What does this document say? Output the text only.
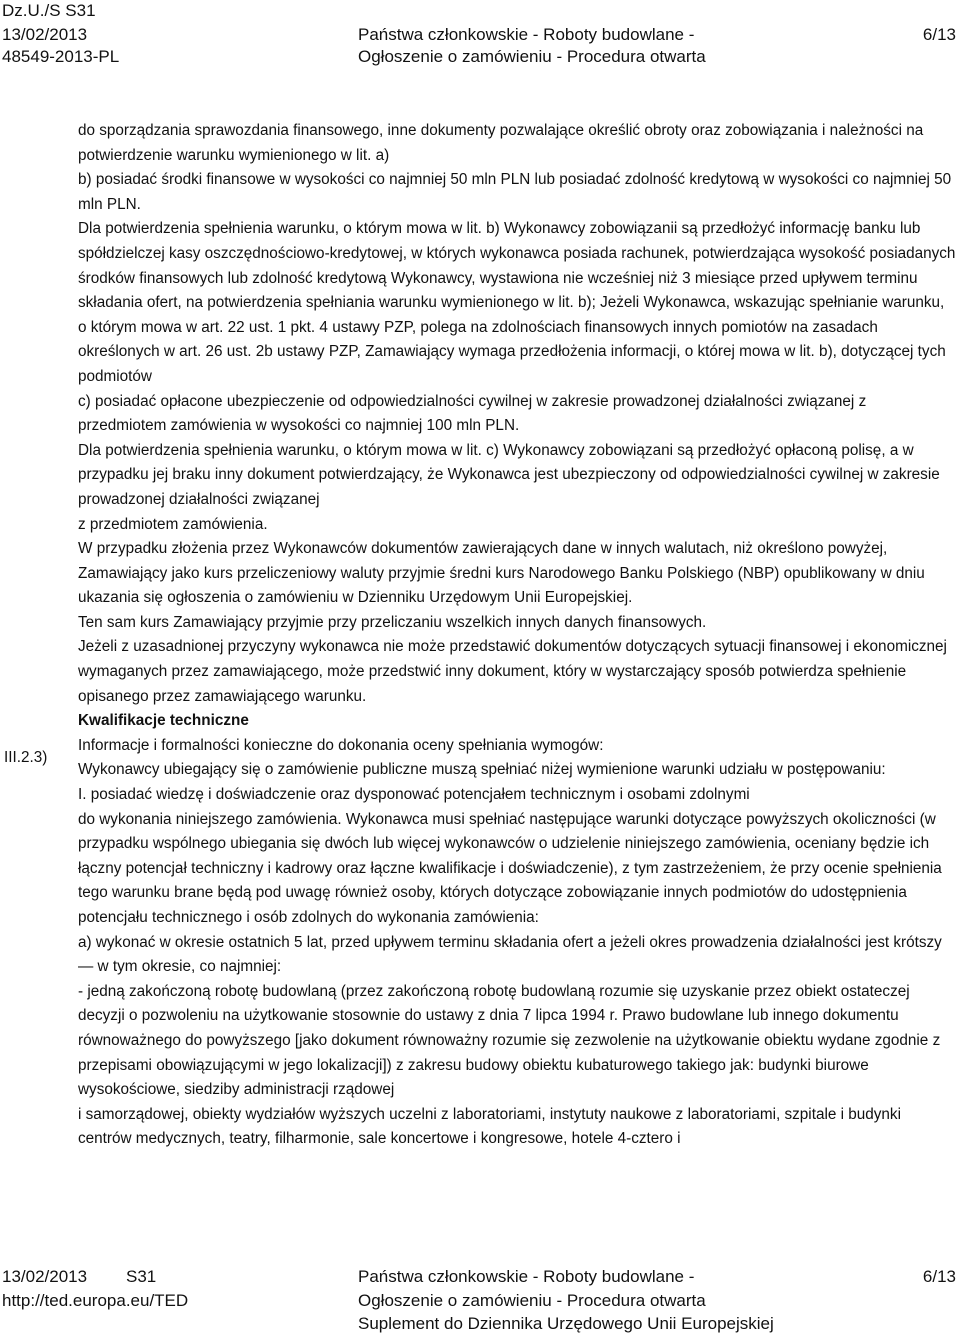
Dz.U./S S31
13/02/2013	Państwa członkowskie - Roboty budowlane -	6/13
48549-2013-PL	Ogłoszenie o zamówieniu - Procedura otwarta

do sporządzania sprawozdania finansowego, inne dokumenty pozwalające określić obroty oraz zobowiązania i należności na potwierdzenie warunku wymienionego w lit. a)

b) posiadać środki finansowe w wysokości co najmniej 50 mln PLN lub posiadać zdolność kredytową w wysokości co najmniej 50 mln PLN.

Dla potwierdzenia spełnienia warunku, o którym mowa w lit. b) Wykonawcy zobowiązanii są przedłożyć informację banku lub spółdzielczej kasy oszczędnościowo-kredytowej, w których wykonawca posiada rachunek, potwierdzająca wysokość posiadanych środków finansowych lub zdolność kredytową Wykonawcy, wystawiona nie wcześniej niż 3 miesiące przed upływem terminu składania ofert, na potwierdzenia spełniania warunku wymienionego w lit. b); Jeżeli Wykonawca, wskazując spełnianie warunku, o którym mowa w art. 22 ust. 1 pkt. 4 ustawy PZP, polega na zdolnościach finansowych innych pomiotów na zasadach określonych w art. 26 ust. 2b ustawy PZP, Zamawiający wymaga przedłożenia informacji, o której mowa w lit. b), dotyczącej tych podmiotów

c) posiadać opłacone ubezpieczenie od odpowiedzialności cywilnej w zakresie prowadzonej działalności związanej z przedmiotem zamówienia w wysokości co najmniej 100 mln PLN.

Dla potwierdzenia spełnienia warunku, o którym mowa w lit. c) Wykonawcy zobowiązani są przedłożyć opłaconą polisę, a w przypadku jej braku inny dokument potwierdzający, że Wykonawca jest ubezpieczony od odpowiedzialności cywilnej w zakresie prowadzonej działalności związanej

z przedmiotem zamówienia.

W przypadku złożenia przez Wykonawców dokumentów zawierających dane w innych walutach, niż określono powyżej, Zamawiający jako kurs przeliczeniowy waluty przyjmie średni kurs Narodowego Banku Polskiego (NBP) opublikowany w dniu ukazania się ogłoszenia o zamówieniu w Dzienniku Urzędowym Unii Europejskiej.

Ten sam kurs Zamawiający przyjmie przy przeliczaniu wszelkich innych danych finansowych.

Jeżeli z uzasadnionej przyczyny wykonawca nie może przedstawić dokumentów dotyczących sytuacji finansowej i ekonomicznej wymaganych przez zamawiającego, może przedstwić inny dokument, który w wystarczający sposób potwierdza spełnienie opisanego przez zamawiającego warunku.

Kwalifikacje techniczne

Informacje i formalności konieczne do dokonania oceny spełniania wymogów:

Wykonawcy ubiegający się o zamówienie publiczne muszą spełniać niżej wymienione warunki udziału w postępowaniu:

I. posiadać wiedzę i doświadczenie oraz dysponować potencjałem technicznym i osobami zdolnymi

do wykonania niniejszego zamówienia. Wykonawca musi spełniać następujące warunki dotyczące powyższych okoliczności (w przypadku wspólnego ubiegania się dwóch lub więcej wykonawców o udzielenie niniejszego zamówienia, oceniany będzie ich łączny potencjał techniczny i kadrowy oraz łączne kwalifikacje i doświadczenie), z tym zastrzeżeniem, że przy ocenie spełnienia tego warunku brane będą pod uwagę również osoby, których dotyczące zobowiązanie innych podmiotów do udostępnienia potencjału technicznego i osób zdolnych do wykonania zamówienia:

a) wykonać w okresie ostatnich 5 lat, przed upływem terminu składania ofert a jeżeli okres prowadzenia działalności jest krótszy — w tym okresie, co najmniej:

- jedną zakończoną robotę budowlaną (przez zakończoną robotę budowlaną rozumie się uzyskanie przez obiekt ostateczej decyzji o pozwoleniu na użytkowanie stosownie do ustawy z dnia 7 lipca 1994 r. Prawo budowlane lub innego dokumentu równoważnego do powyższego [jako dokument równoważny rozumie się zezwolenie na użytkowanie obiektu wydane zgodnie z przepisami obowiązującymi w jego lokalizacji]) z zakresu budowy obiektu kubaturowego takiego jak: budynki biurowe wysokościowe, siedziby administracji rządowej

i samorządowej, obiekty wydziałów wyższych uczelni z laboratoriami, instytuty naukowe z laboratoriami, szpitale i budynki centrów medycznych, teatry, filharmonie, sale koncertowe i kongresowe, hotele 4-cztero i

III.2.3)
13/02/2013 S31	Państwa członkowskie - Roboty budowlane -	6/13
http://ted.europa.eu/TED	Ogłoszenie o zamówieniu - Procedura otwarta
Suplement do Dziennika Urzędowego Unii Europejskiej
